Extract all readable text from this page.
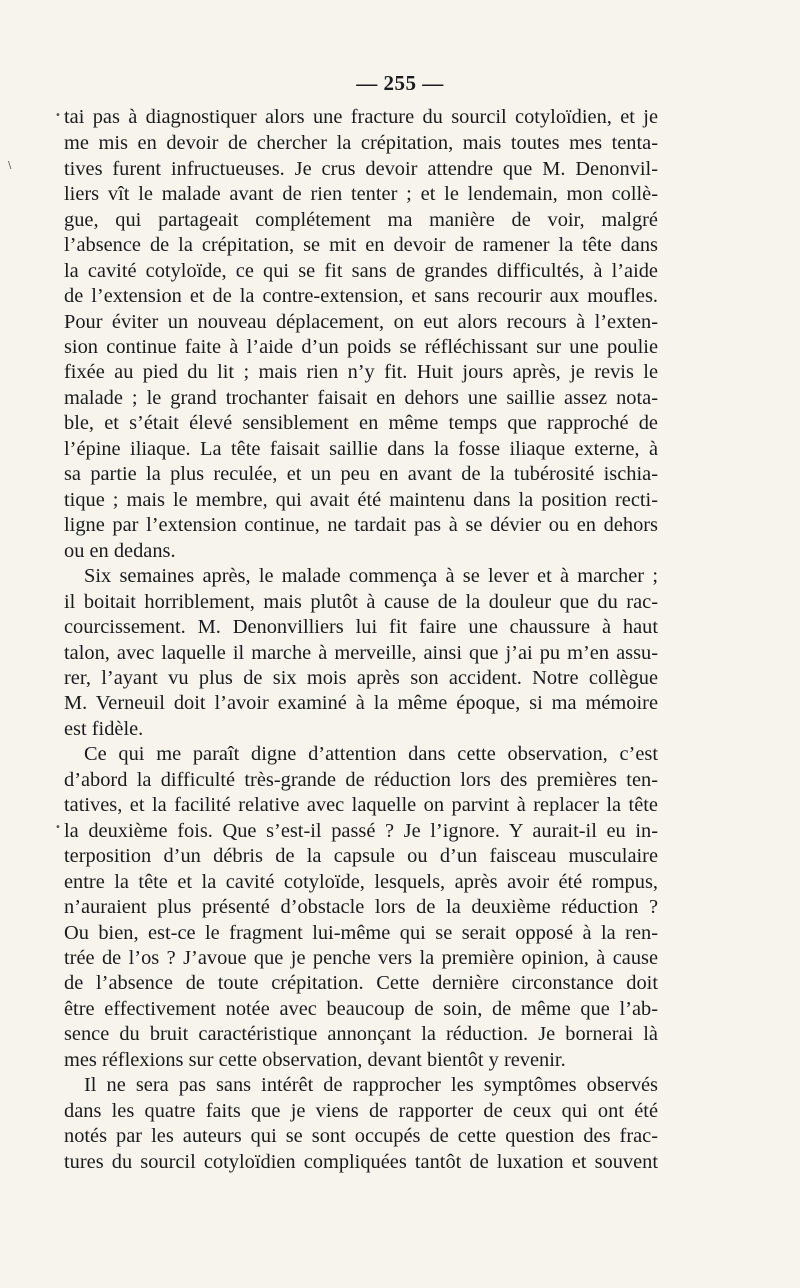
— 255 —
tai pas à diagnostiquer alors une fracture du sourcil cotyloïdien, et je
me mis en devoir de chercher la crépitation, mais toutes mes tenta-
tives furent infructueuses. Je crus devoir attendre que M. Denonvil-
liers vît le malade avant de rien tenter ; et le lendemain, mon collè-
gue, qui partageait complétement ma manière de voir, malgré
l’absence de la crépitation, se mit en devoir de ramener la tête dans
la cavité cotyloïde, ce qui se fit sans de grandes difficultés, à l’aide
de l’extension et de la contre-extension, et sans recourir aux moufles.
Pour éviter un nouveau déplacement, on eut alors recours à l’exten-
sion continue faite à l’aide d’un poids se réfléchissant sur une poulie
fixée au pied du lit ; mais rien n’y fit. Huit jours après, je revis le
malade ; le grand trochanter faisait en dehors une saillie assez nota-
ble, et s’était élevé sensiblement en même temps que rapproché de
l’épine iliaque. La tête faisait saillie dans la fosse iliaque externe, à
sa partie la plus reculée, et un peu en avant de la tubérosité ischia-
tique ; mais le membre, qui avait été maintenu dans la position recti-
ligne par l’extension continue, ne tardait pas à se dévier ou en dehors
ou en dedans.
Six semaines après, le malade commença à se lever et à marcher ;
il boitait horriblement, mais plutôt à cause de la douleur que du rac-
courcissement. M. Denonvilliers lui fit faire une chaussure à haut
talon, avec laquelle il marche à merveille, ainsi que j’ai pu m’en assu-
rer, l’ayant vu plus de six mois après son accident. Notre collègue
M. Verneuil doit l’avoir examiné à la même époque, si ma mémoire
est fidèle.
Ce qui me paraît digne d’attention dans cette observation, c’est
d’abord la difficulté très-grande de réduction lors des premières ten-
tatives, et la facilité relative avec laquelle on parvint à replacer la tête
la deuxième fois. Que s’est-il passé ? Je l’ignore. Y aurait-il eu in-
terposition d’un débris de la capsule ou d’un faisceau musculaire
entre la tête et la cavité cotyloïde, lesquels, après avoir été rompus,
n’auraient plus présenté d’obstacle lors de la deuxième réduction ?
Ou bien, est-ce le fragment lui-même qui se serait opposé à la ren-
trée de l’os ? J’avoue que je penche vers la première opinion, à cause
de l’absence de toute crépitation. Cette dernière circonstance doit
être effectivement notée avec beaucoup de soin, de même que l’ab-
sence du bruit caractéristique annonçant la réduction. Je bornerai là
mes réflexions sur cette observation, devant bientôt y revenir.
Il ne sera pas sans intérêt de rapprocher les symptômes observés
dans les quatre faits que je viens de rapporter de ceux qui ont été
notés par les auteurs qui se sont occupés de cette question des frac-
tures du sourcil cotyloïdien compliquées tantôt de luxation et souvent
\
•
•
